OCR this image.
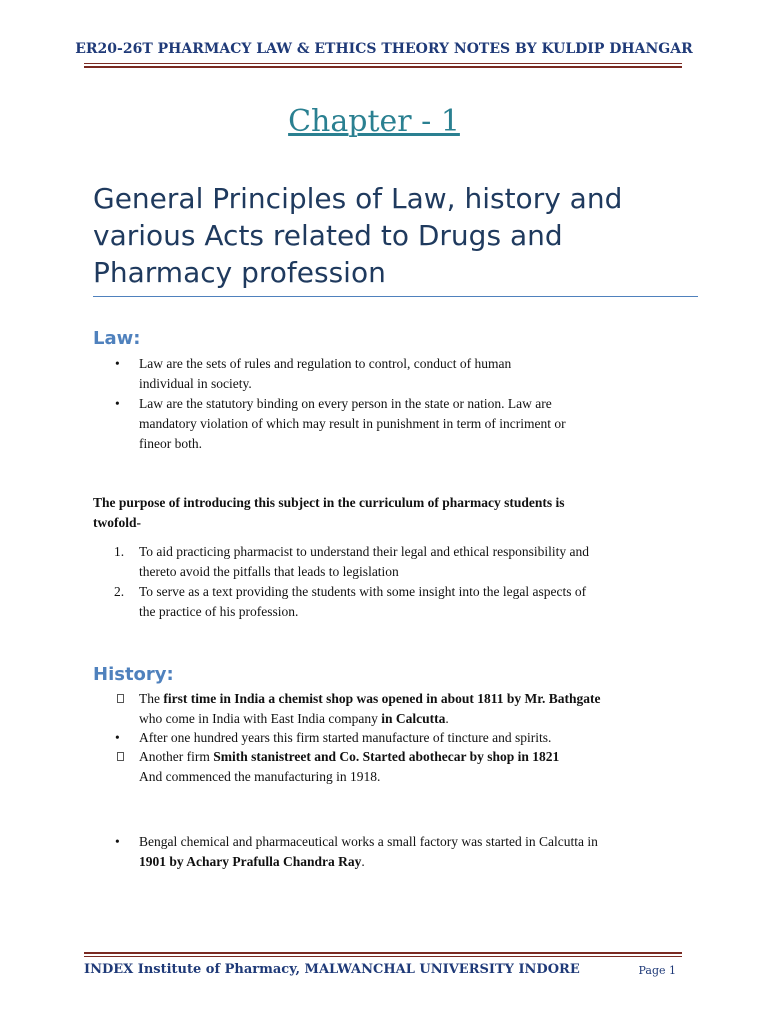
ER20-26T PHARMACY LAW & ETHICS THEORY NOTES BY KULDIP DHANGAR
Chapter - 1
General Principles of Law, history and
various Acts related to Drugs and
Pharmacy profession
Law:
• Law are the sets of rules and regulation to control, conduct of human
individual in society.
• Law are the statutory binding on every person in the state or nation. Law are
mandatory violation of which may result in punishment in term of incriment or
fineor both.
The purpose of introducing this subject in the curriculum of pharmacy students is
twofold-
1. To aid practicing pharmacist to understand their legal and ethical responsibility and
thereto avoid the pitfalls that leads to legislation
2. To serve as a text providing the students with some insight into the legal aspects of
the practice of his profession.
History:
The first time in India a chemist shop was opened in about 1811 by Mr. Bathgate
who come in India with East India company in Calcutta.
• After one hundred years this firm started manufacture of tincture and spirits.
Another firm Smith stanistreet and Co. Started abothecar by shop in 1821
And commenced the manufacturing in 1918.
• Bengal chemical and pharmaceutical works a small factory was started in Calcutta in
1901 by Achary Prafulla Chandra Ray.
INDEX Institute of Pharmacy, MALWANCHAL UNIVERSITY INDORE	Page 1
